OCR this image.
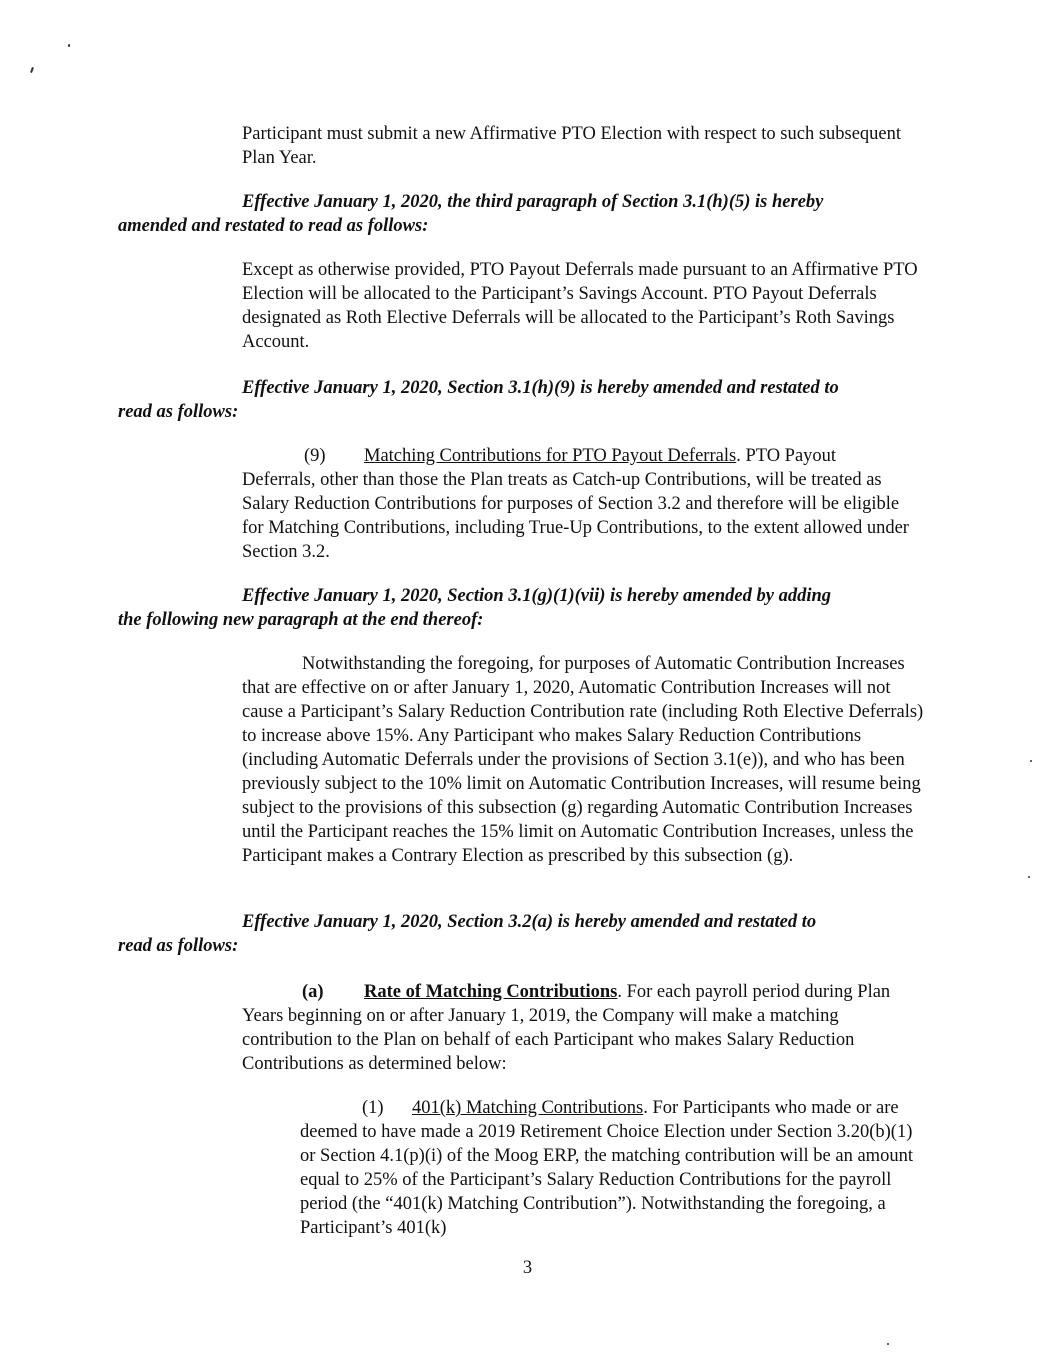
Participant must submit a new Affirmative PTO Election with respect to such subsequent Plan Year.

Effective January 1, 2020, the third paragraph of Section 3.1(h)(5) is hereby
amended and restated to read as follows:

Except as otherwise provided, PTO Payout Deferrals made pursuant to an Affirmative PTO Election will be allocated to the Participant’s Savings Account. PTO Payout Deferrals designated as Roth Elective Deferrals will be allocated to the Participant’s Roth Savings Account.

Effective January 1, 2020, Section 3.1(h)(9) is hereby amended and restated to
read as follows:

(9) Matching Contributions for PTO Payout Deferrals. PTO Payout Deferrals, other than those the Plan treats as Catch-up Contributions, will be treated as Salary Reduction Contributions for purposes of Section 3.2 and therefore will be eligible for Matching Contributions, including True-Up Contributions, to the extent allowed under Section 3.2.

Effective January 1, 2020, Section 3.1(g)(1)(vii) is hereby amended by adding
the following new paragraph at the end thereof:

Notwithstanding the foregoing, for purposes of Automatic Contribution Increases that are effective on or after January 1, 2020, Automatic Contribution Increases will not cause a Participant’s Salary Reduction Contribution rate (including Roth Elective Deferrals) to increase above 15%. Any Participant who makes Salary Reduction Contributions (including Automatic Deferrals under the provisions of Section 3.1(e)), and who has been previously subject to the 10% limit on Automatic Contribution Increases, will resume being subject to the provisions of this subsection (g) regarding Automatic Contribution Increases until the Participant reaches the 15% limit on Automatic Contribution Increases, unless the Participant makes a Contrary Election as prescribed by this subsection (g).

Effective January 1, 2020, Section 3.2(a) is hereby amended and restated to
read as follows:

(a) Rate of Matching Contributions. For each payroll period during Plan Years beginning on or after January 1, 2019, the Company will make a matching contribution to the Plan on behalf of each Participant who makes Salary Reduction Contributions as determined below:

(1) 401(k) Matching Contributions. For Participants who made or are deemed to have made a 2019 Retirement Choice Election under Section 3.20(b)(1) or Section 4.1(p)(i) of the Moog ERP, the matching contribution will be an amount equal to 25% of the Participant’s Salary Reduction Contributions for the payroll period (the “401(k) Matching Contribution”). Notwithstanding the foregoing, a Participant’s 401(k)

3
